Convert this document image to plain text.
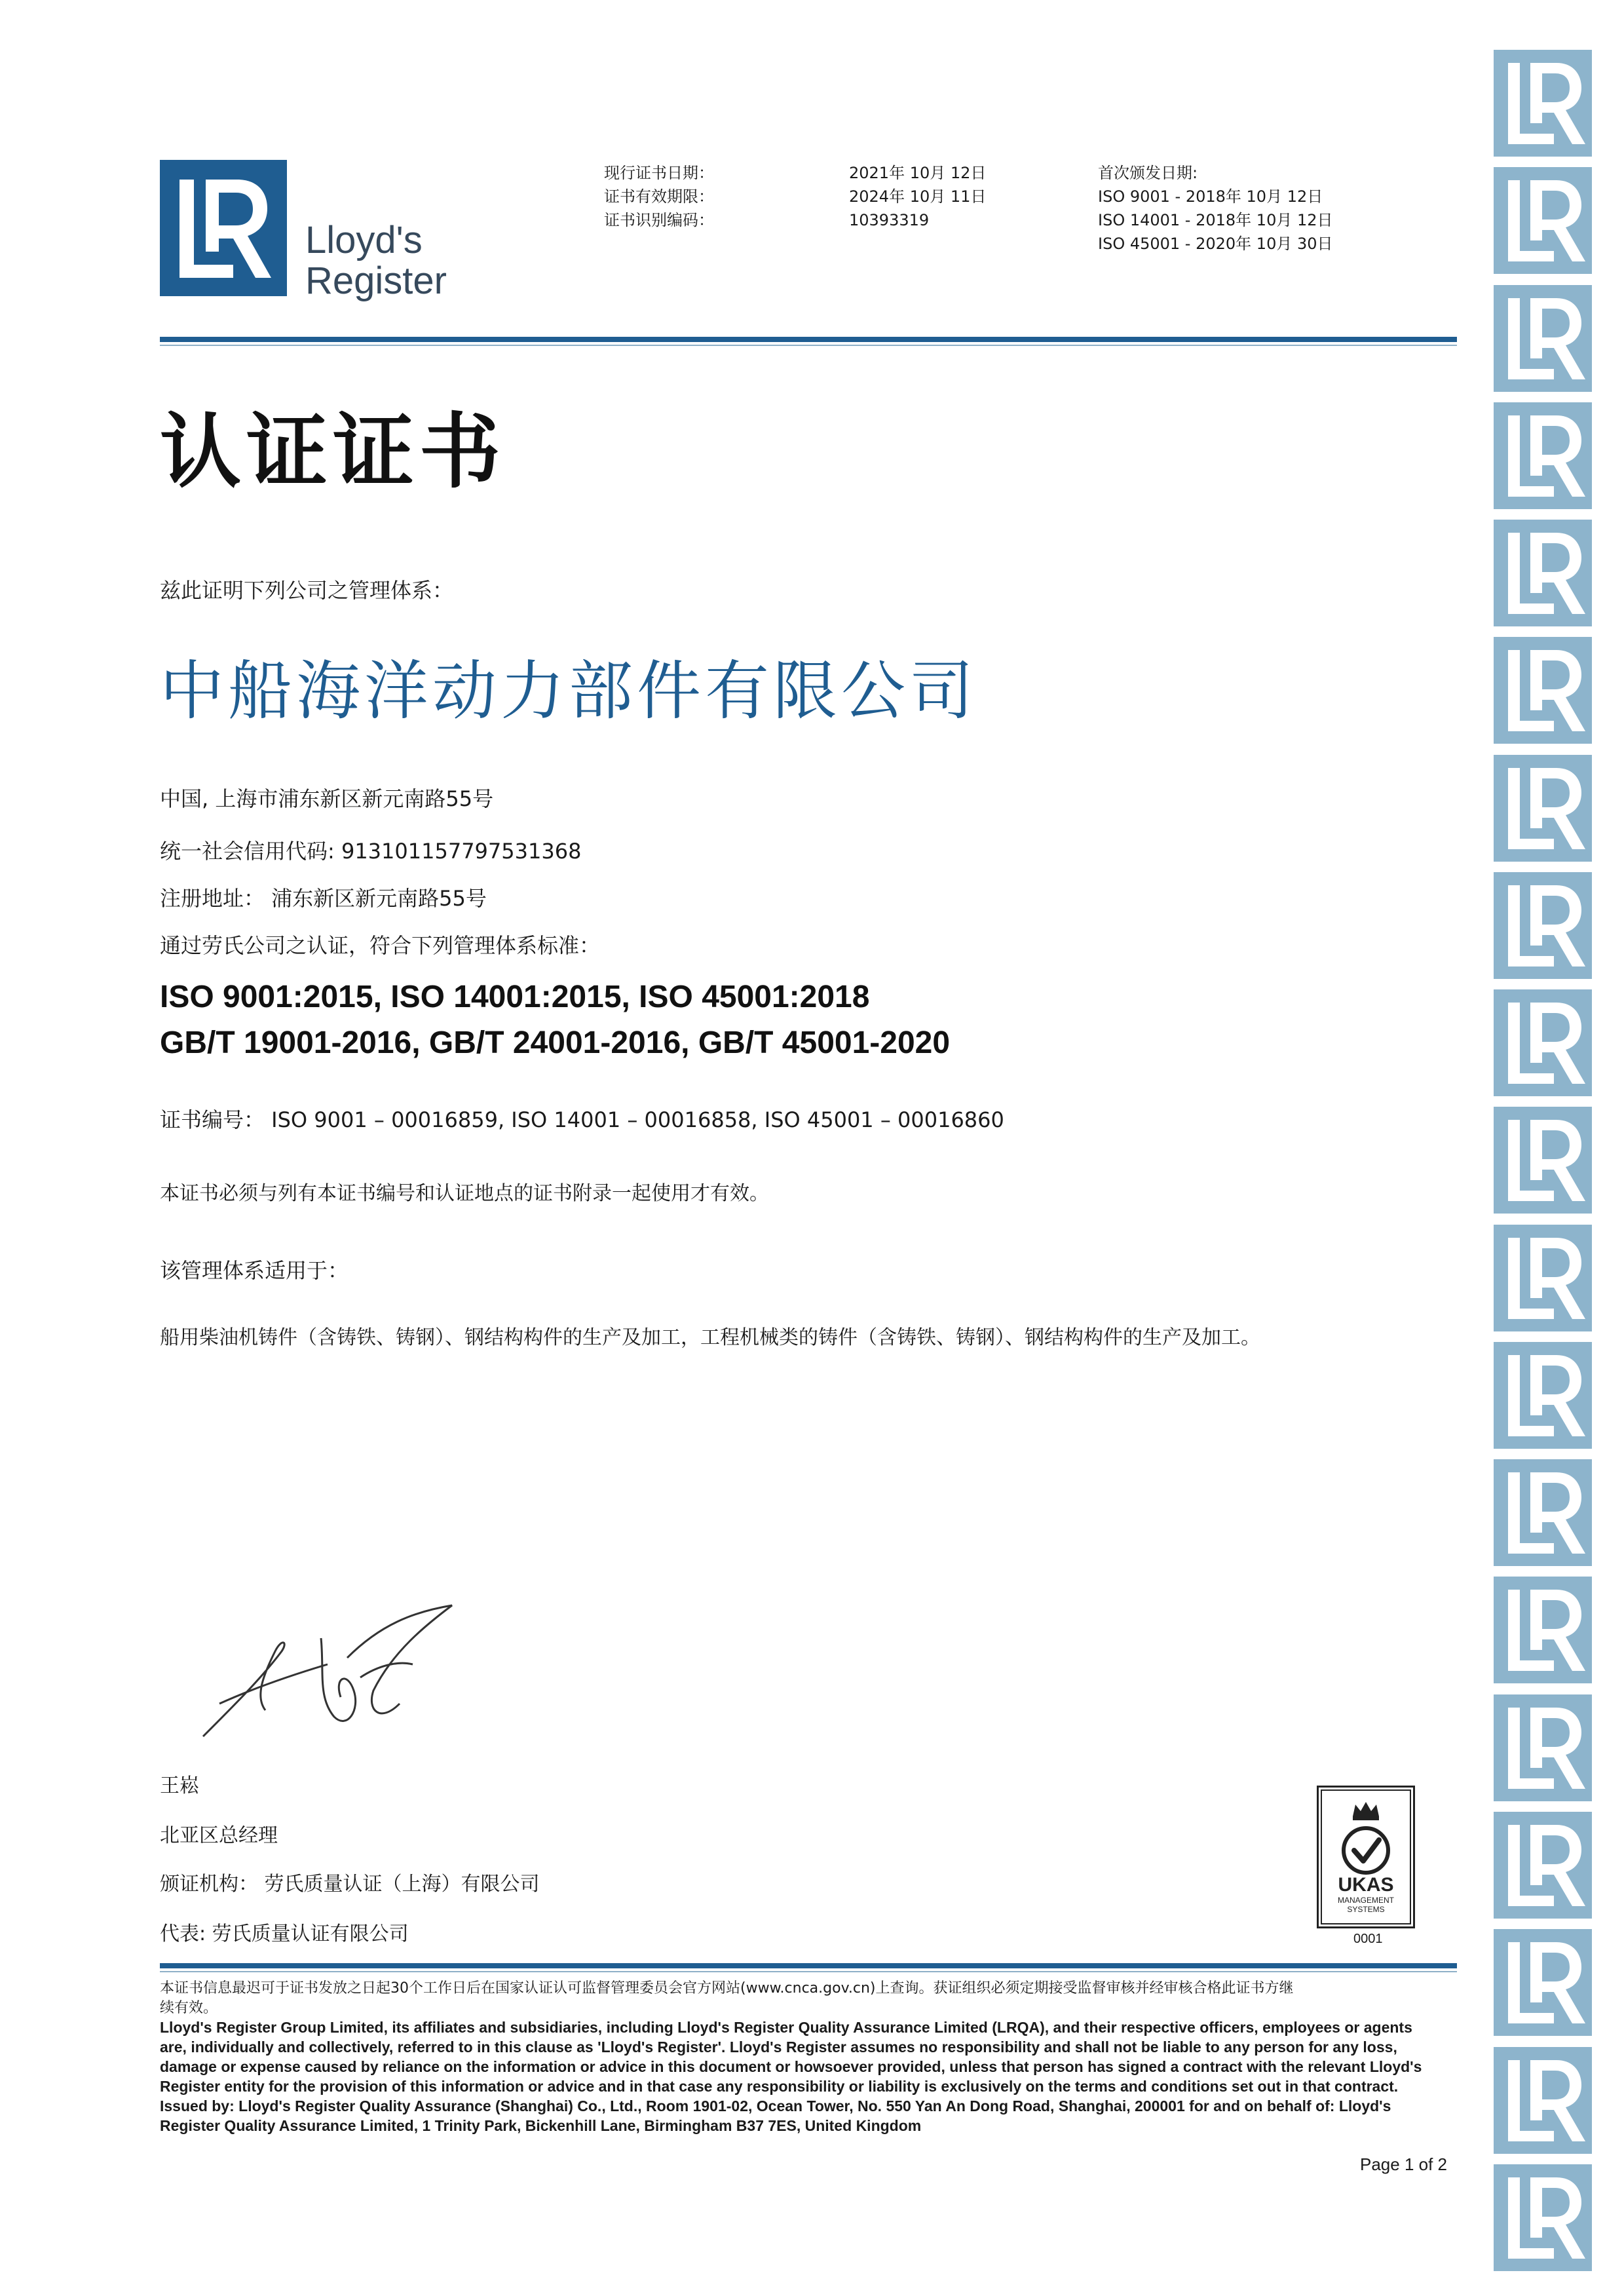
Lloyd's
Register
现行证书日期：
证书有效期限：
证书识别编码：
2021年 10月 12日
2024年 10月 11日
10393319
首次颁发日期:
ISO 9001 - 2018年 10月 12日
ISO 14001 - 2018年 10月 12日
ISO 45001 - 2020年 10月 30日
认证证书
兹此证明下列公司之管理体系：
中船海洋动力部件有限公司
中国, 上海市浦东新区新元南路55号
统一社会信用代码: 913101157797531368
注册地址： 浦东新区新元南路55号
通过劳氏公司之认证，符合下列管理体系标准：
ISO 9001:2015, ISO 14001:2015, ISO 45001:2018
GB/T 19001-2016, GB/T 24001-2016, GB/T 45001-2020
证书编号： ISO 9001 – 00016859, ISO 14001 – 00016858, ISO 45001 – 00016860
本证书必须与列有本证书编号和认证地点的证书附录一起使用才有效。
该管理体系适用于：
船用柴油机铸件（含铸铁、铸钢）、钢结构构件的生产及加工，工程机械类的铸件（含铸铁、铸钢）、钢结构构件的生产及加工。
王崧
北亚区总经理
颁证机构： 劳氏质量认证（上海）有限公司
代表: 劳氏质量认证有限公司
UKAS
MANAGEMENT
SYSTEMS
0001
本证书信息最迟可于证书发放之日起30个工作日后在国家认证认可监督管理委员会官方网站(www.cnca.gov.cn)上查询。获证组织必须定期接受监督审核并经审核合格此证书方继
续有效。
Lloyd's Register Group Limited, its affiliates and subsidiaries, including Lloyd's Register Quality Assurance Limited (LRQA), and their respective officers, employees or agents
are, individually and collectively, referred to in this clause as 'Lloyd's Register'. Lloyd's Register assumes no responsibility and shall not be liable to any person for any loss,
damage or expense caused by reliance on the information or advice in this document or howsoever provided, unless that person has signed a contract with the relevant Lloyd's
Register entity for the provision of this information or advice and in that case any responsibility or liability is exclusively on the terms and conditions set out in that contract.
Issued by: Lloyd's Register Quality Assurance (Shanghai) Co., Ltd., Room 1901-02, Ocean Tower, No. 550 Yan An Dong Road, Shanghai, 200001 for and on behalf of: Lloyd's
Register Quality Assurance Limited, 1 Trinity Park, Bickenhill Lane, Birmingham B37 7ES, United Kingdom
Page 1 of 2
